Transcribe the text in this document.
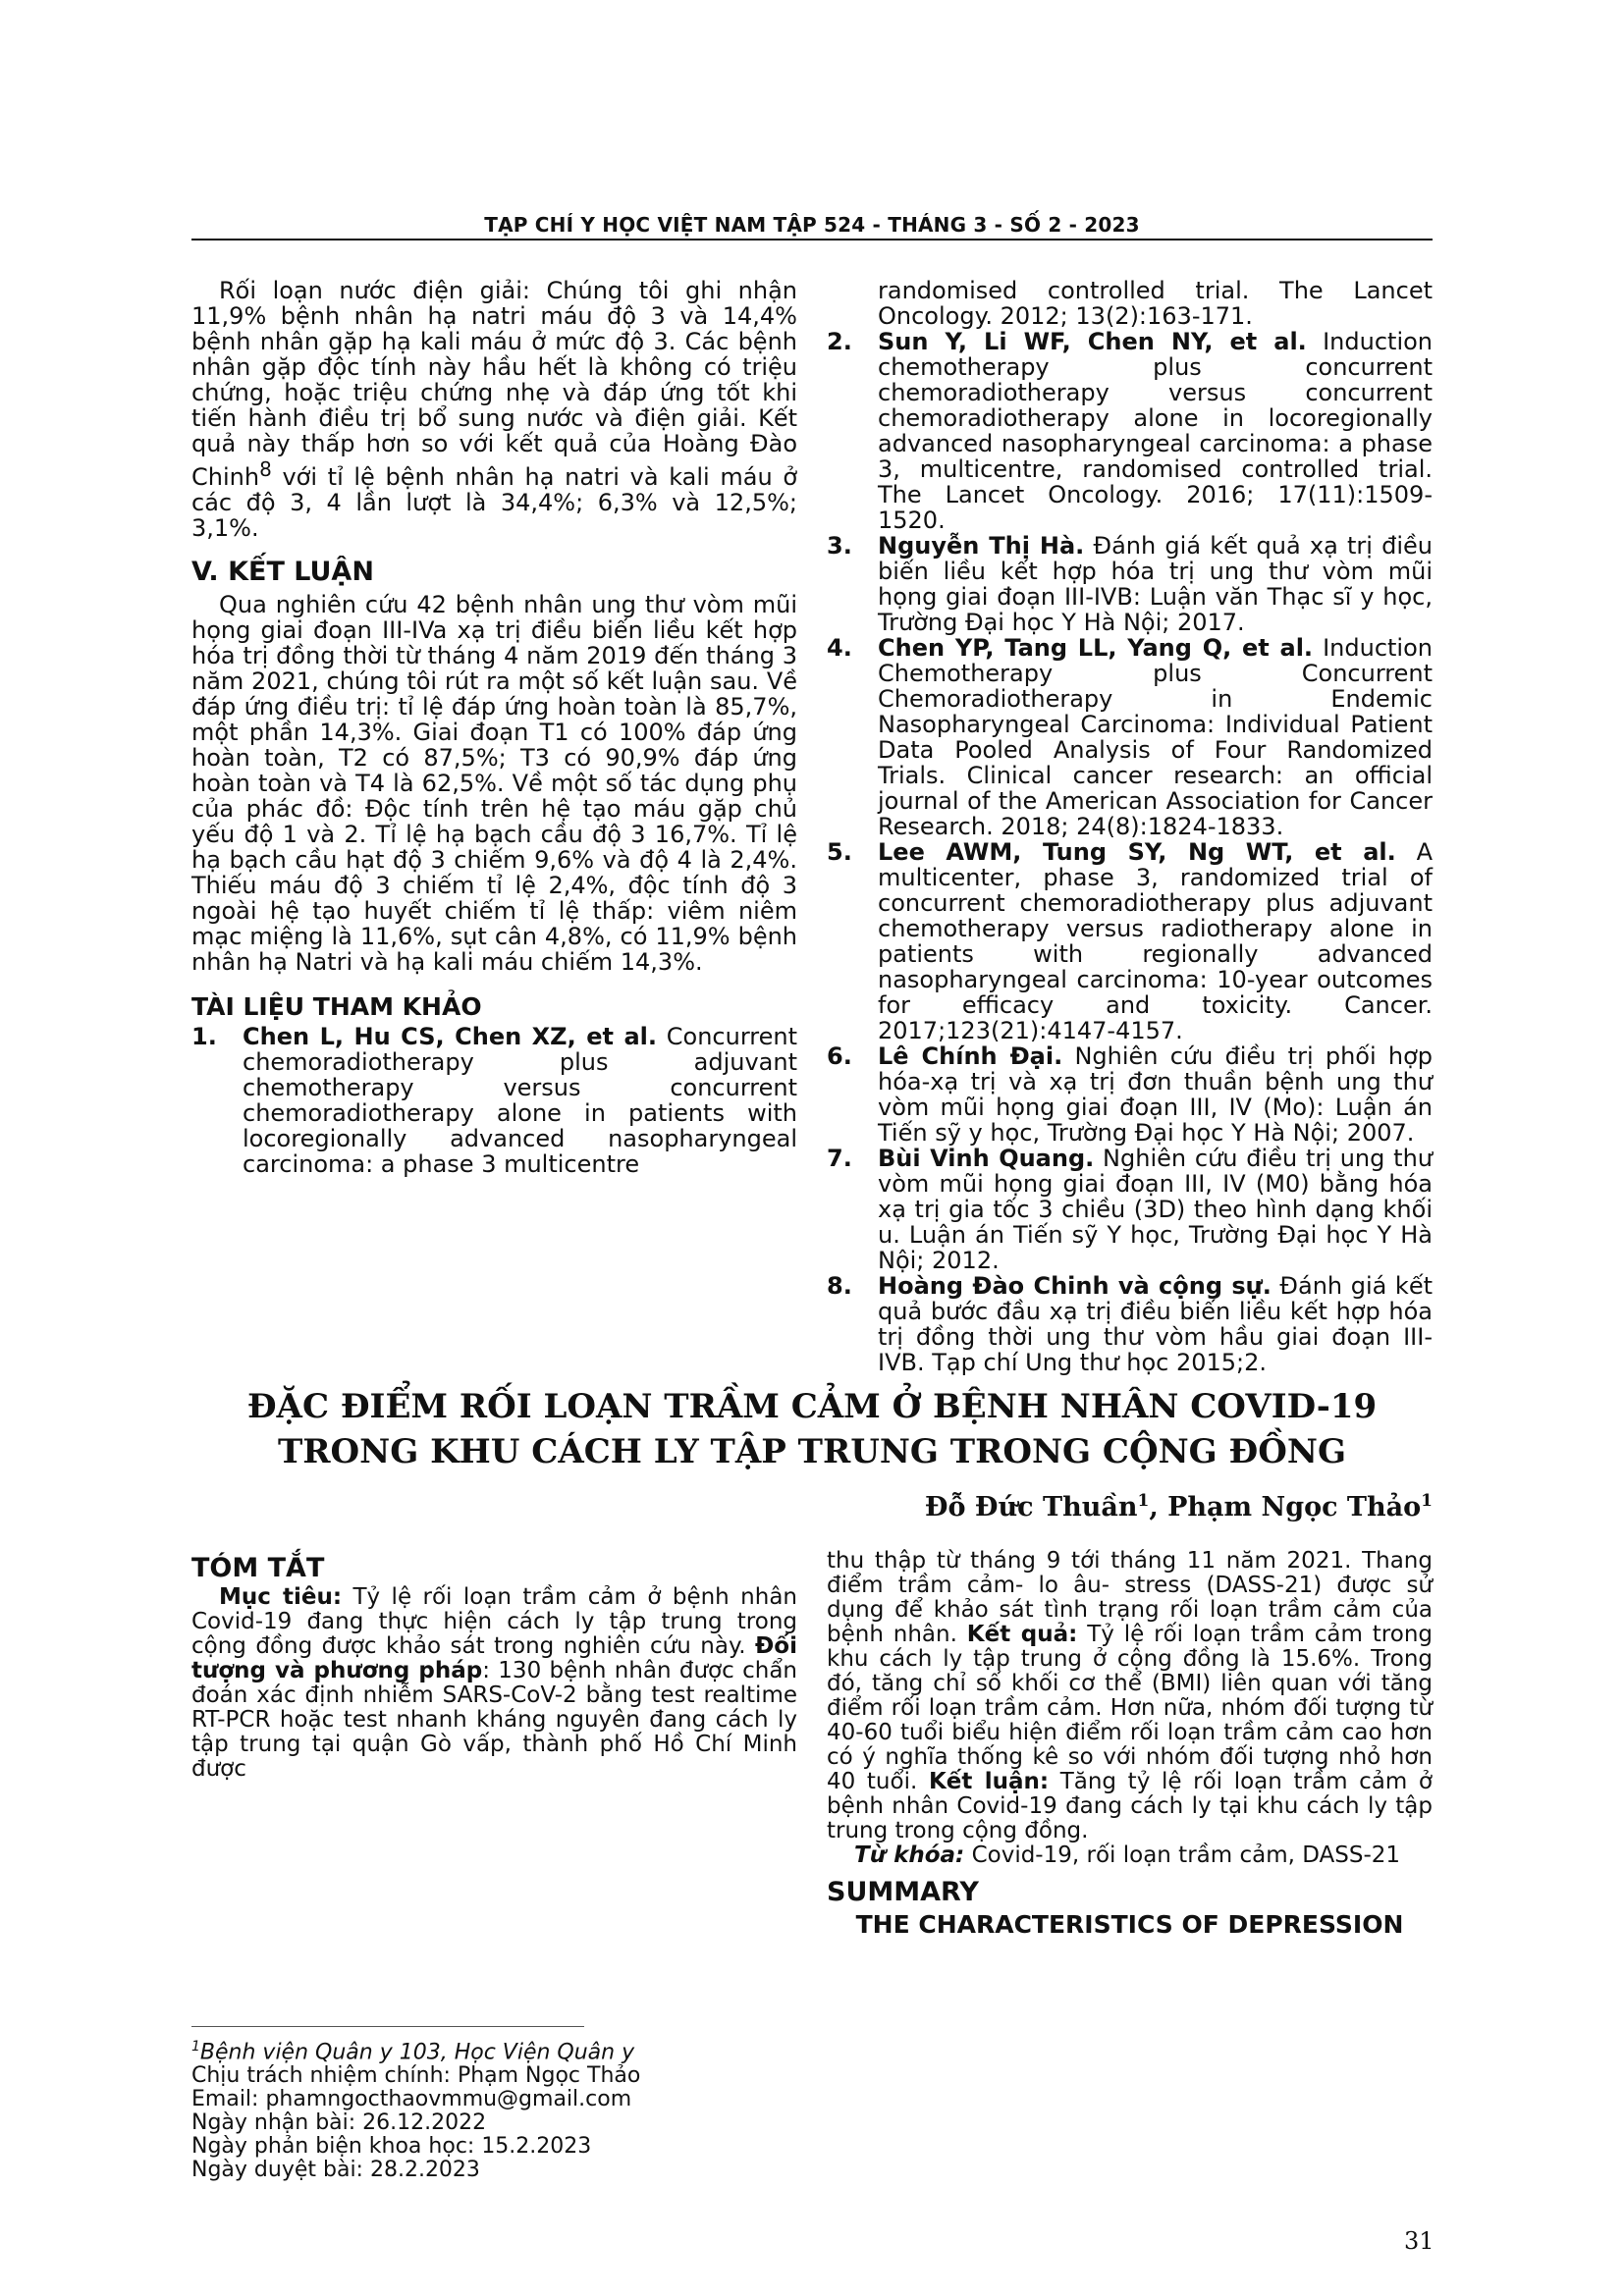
TẠP CHÍ Y HỌC VIỆT NAM TẬP 524 - THÁNG 3 - SỐ 2 - 2023

Rối loạn nước điện giải: Chúng tôi ghi nhận 11,9% bệnh nhân hạ natri máu độ 3 và 14,4% bệnh nhân gặp hạ kali máu ở mức độ 3. Các bệnh nhân gặp độc tính này hầu hết là không có triệu chứng, hoặc triệu chứng nhẹ và đáp ứng tốt khi tiến hành điều trị bổ sung nước và điện giải. Kết quả này thấp hơn so với kết quả của Hoàng Đào Chinh$^8$ với tỉ lệ bệnh nhân hạ natri và kali máu ở các độ 3, 4 lần lượt là 34,4%; 6,3% và 12,5%; 3,1%.

V. KẾT LUẬN

Qua nghiên cứu 42 bệnh nhân ung thư vòm mũi họng giai đoạn III-IVa xạ trị điều biến liều kết hợp hóa trị đồng thời từ tháng 4 năm 2019 đến tháng 3 năm 2021, chúng tôi rút ra một số kết luận sau. Về đáp ứng điều trị: tỉ lệ đáp ứng hoàn toàn là 85,7%, một phần 14,3%. Giai đoạn T1 có 100% đáp ứng hoàn toàn, T2 có 87,5%; T3 có 90,9% đáp ứng hoàn toàn và T4 là 62,5%. Về một số tác dụng phụ của phác đồ: Độc tính trên hệ tạo máu gặp chủ yếu độ 1 và 2. Tỉ lệ hạ bạch cầu độ 3 16,7%. Tỉ lệ hạ bạch cầu hạt độ 3 chiếm 9,6% và độ 4 là 2,4%. Thiếu máu độ 3 chiếm tỉ lệ 2,4%, độc tính độ 3 ngoài hệ tạo huyết chiếm tỉ lệ thấp: viêm niêm mạc miệng là 11,6%, sụt cân 4,8%, có 11,9% bệnh nhân hạ Natri và hạ kali máu chiếm 14,3%.

TÀI LIỆU THAM KHẢO
1. Chen L, Hu CS, Chen XZ, et al. Concurrent chemoradiotherapy plus adjuvant chemotherapy versus concurrent chemoradiotherapy alone in patients with locoregionally advanced nasopharyngeal carcinoma: a phase 3 multicentre
randomised controlled trial. The Lancet Oncology. 2012; 13(2):163-171.
2. Sun Y, Li WF, Chen NY, et al. Induction chemotherapy plus concurrent chemoradiotherapy versus concurrent chemoradiotherapy alone in locoregionally advanced nasopharyngeal carcinoma: a phase 3, multicentre, randomised controlled trial. The Lancet Oncology. 2016; 17(11):1509-1520.
3. Nguyễn Thị Hà. Đánh giá kết quả xạ trị điều biến liều kết hợp hóa trị ung thư vòm mũi họng giai đoạn III-IVB: Luận văn Thạc sĩ y học, Trường Đại học Y Hà Nội; 2017.
4. Chen YP, Tang LL, Yang Q, et al. Induction Chemotherapy plus Concurrent Chemoradiotherapy in Endemic Nasopharyngeal Carcinoma: Individual Patient Data Pooled Analysis of Four Randomized Trials. Clinical cancer research: an official journal of the American Association for Cancer Research. 2018; 24(8):1824-1833.
5. Lee AWM, Tung SY, Ng WT, et al. A multicenter, phase 3, randomized trial of concurrent chemoradiotherapy plus adjuvant chemotherapy versus radiotherapy alone in patients with regionally advanced nasopharyngeal carcinoma: 10-year outcomes for efficacy and toxicity. Cancer. 2017;123(21):4147-4157.
6. Lê Chính Đại. Nghiên cứu điều trị phối hợp hóa-xạ trị và xạ trị đơn thuần bệnh ung thư vòm mũi họng giai đoạn III, IV (Mo): Luận án Tiến sỹ y học, Trường Đại học Y Hà Nội; 2007.
7. Bùi Vinh Quang. Nghiên cứu điều trị ung thư vòm mũi họng giai đoạn III, IV (M0) bằng hóa xạ trị gia tốc 3 chiều (3D) theo hình dạng khối u. Luận án Tiến sỹ Y học, Trường Đại học Y Hà Nội; 2012.
8. Hoàng Đào Chinh và cộng sự. Đánh giá kết quả bước đầu xạ trị điều biến liều kết hợp hóa trị đồng thời ung thư vòm hầu giai đoạn III- IVB. Tạp chí Ung thư học 2015;2.
ĐẶC ĐIỂM RỐI LOẠN TRẦM CẢM Ở BỆNH NHÂN COVID-19
TRONG KHU CÁCH LY TẬP TRUNG TRONG CỘNG ĐỒNG
Đỗ Đức Thuần$^1$, Phạm Ngọc Thảo$^1$
TÓM TẮT

Mục tiêu: Tỷ lệ rối loạn trầm cảm ở bệnh nhân Covid-19 đang thực hiện cách ly tập trung trong cộng đồng được khảo sát trong nghiên cứu này. Đối tượng và phương pháp: 130 bệnh nhân được chẩn đoán xác định nhiễm SARS-CoV-2 bằng test realtime RT-PCR hoặc test nhanh kháng nguyên đang cách ly tập trung tại quận Gò vấp, thành phố Hồ Chí Minh được

thu thập từ tháng 9 tới tháng 11 năm 2021. Thang điểm trầm cảm- lo âu- stress (DASS-21) được sử dụng để khảo sát tình trạng rối loạn trầm cảm của bệnh nhân. Kết quả: Tỷ lệ rối loạn trầm cảm trong khu cách ly tập trung ở cộng đồng là 15.6%. Trong đó, tăng chỉ số khối cơ thể (BMI) liên quan với tăng điểm rối loạn trầm cảm. Hơn nữa, nhóm đối tượng từ 40-60 tuổi biểu hiện điểm rối loạn trầm cảm cao hơn có ý nghĩa thống kê so với nhóm đối tượng nhỏ hơn 40 tuổi. Kết luận: Tăng tỷ lệ rối loạn trầm cảm ở bệnh nhân Covid-19 đang cách ly tại khu cách ly tập trung trong cộng đồng.

Từ khóa: Covid-19, rối loạn trầm cảm, DASS-21

SUMMARY
THE CHARACTERISTICS OF DEPRESSION
$^1$Bệnh viện Quân y 103, Học Viện Quân y
Chịu trách nhiệm chính: Phạm Ngọc Thảo
Email: phamngocthaovmmu@gmail.com
Ngày nhận bài: 26.12.2022
Ngày phản biện khoa học: 15.2.2023
Ngày duyệt bài: 28.2.2023
31
